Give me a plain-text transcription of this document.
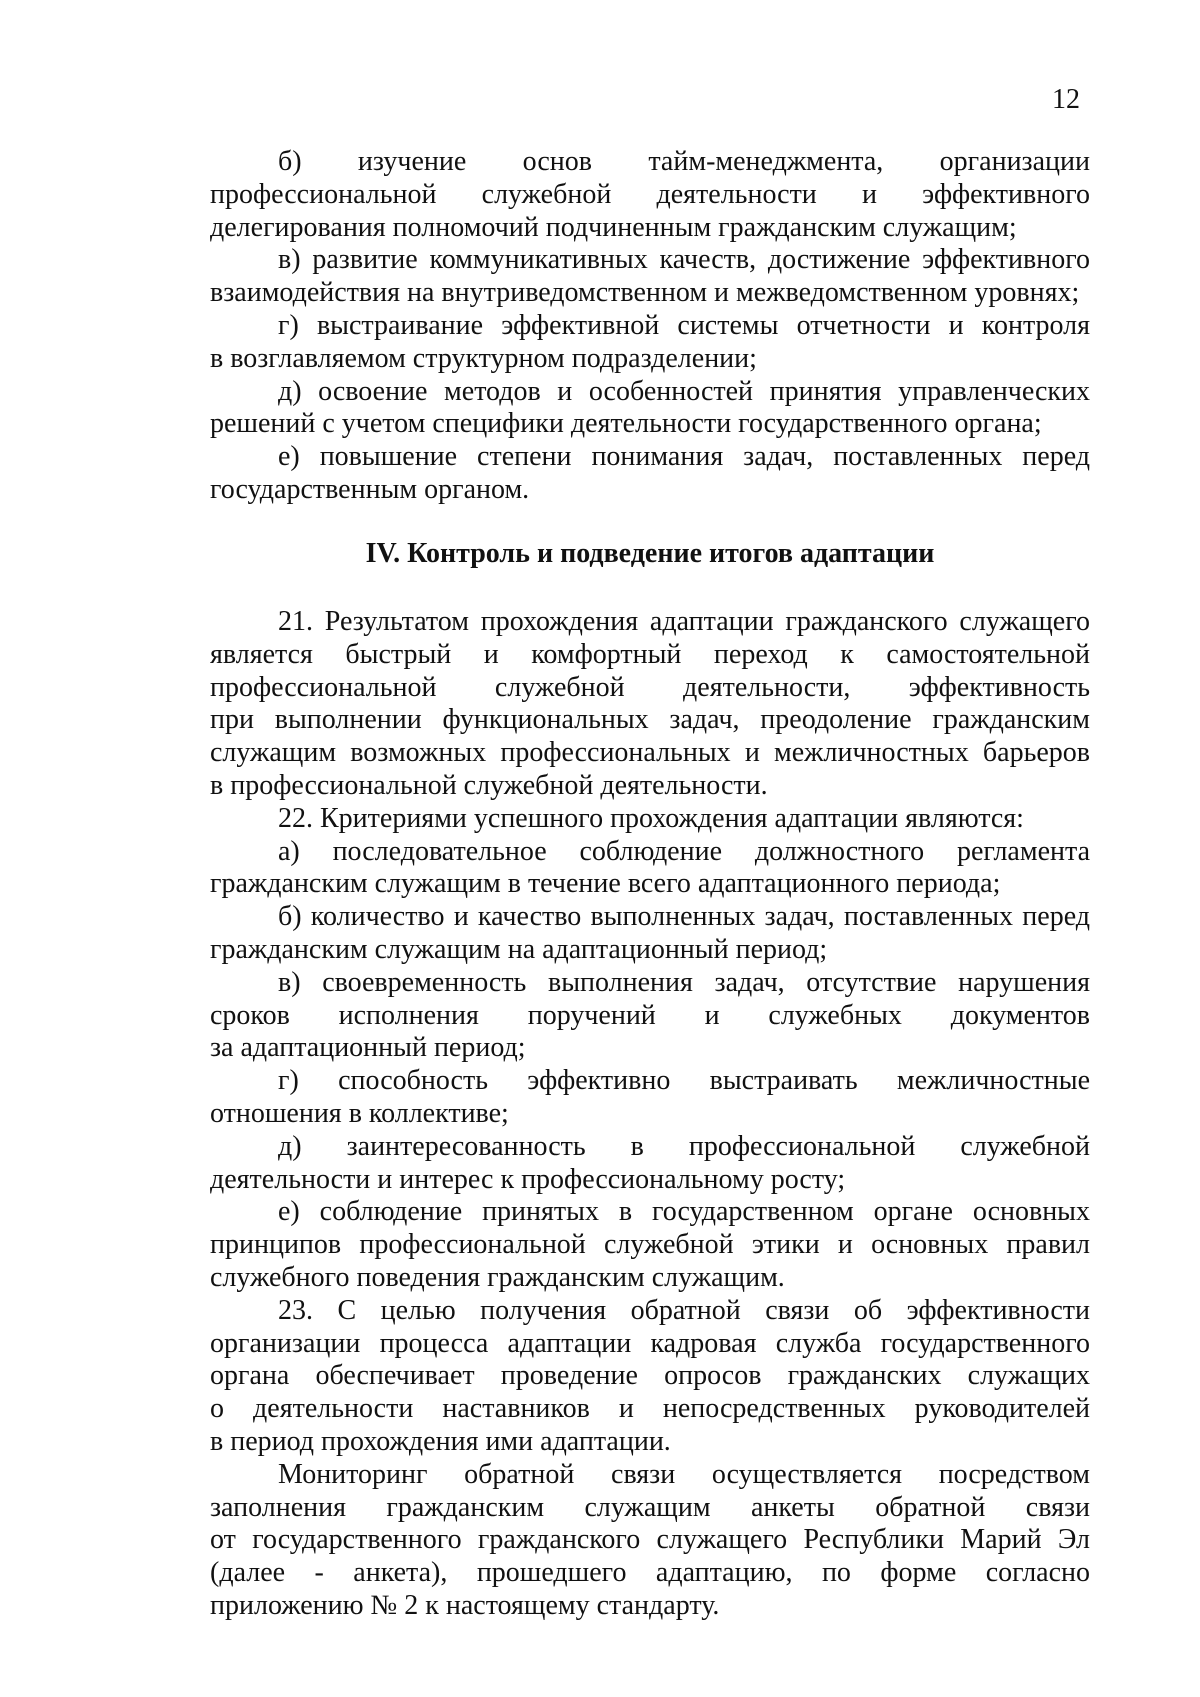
12
б) изучение основ тайм-менеджмента, организации
профессиональной служебной деятельности и эффективного
делегирования полномочий подчиненным гражданским служащим;
в) развитие коммуникативных качеств, достижение эффективного
взаимодействия на внутриведомственном и межведомственном уровнях;
г) выстраивание эффективной системы отчетности и контроля
в возглавляемом структурном подразделении;
д) освоение методов и особенностей принятия управленческих
решений с учетом специфики деятельности государственного органа;
е) повышение степени понимания задач, поставленных перед
государственным органом.
IV. Контроль и подведение итогов адаптации
21. Результатом прохождения адаптации гражданского служащего
является быстрый и комфортный переход к самостоятельной
профессиональной служебной деятельности, эффективность
при выполнении функциональных задач, преодоление гражданским
служащим возможных профессиональных и межличностных барьеров
в профессиональной служебной деятельности.
22. Критериями успешного прохождения адаптации являются:
а) последовательное соблюдение должностного регламента
гражданским служащим в течение всего адаптационного периода;
б) количество и качество выполненных задач, поставленных перед
гражданским служащим на адаптационный период;
в) своевременность выполнения задач, отсутствие нарушения
сроков исполнения поручений и служебных документов
за адаптационный период;
г) способность эффективно выстраивать межличностные
отношения в коллективе;
д) заинтересованность в профессиональной служебной
деятельности и интерес к профессиональному росту;
е) соблюдение принятых в государственном органе основных
принципов профессиональной служебной этики и основных правил
служебного поведения гражданским служащим.
23. С целью получения обратной связи об эффективности
организации процесса адаптации кадровая служба государственного
органа обеспечивает проведение опросов гражданских служащих
о деятельности наставников и непосредственных руководителей
в период прохождения ими адаптации.
Мониторинг обратной связи осуществляется посредством
заполнения гражданским служащим анкеты обратной связи
от государственного гражданского служащего Республики Марий Эл
(далее - анкета), прошедшего адаптацию, по форме согласно
приложению № 2 к настоящему стандарту.
